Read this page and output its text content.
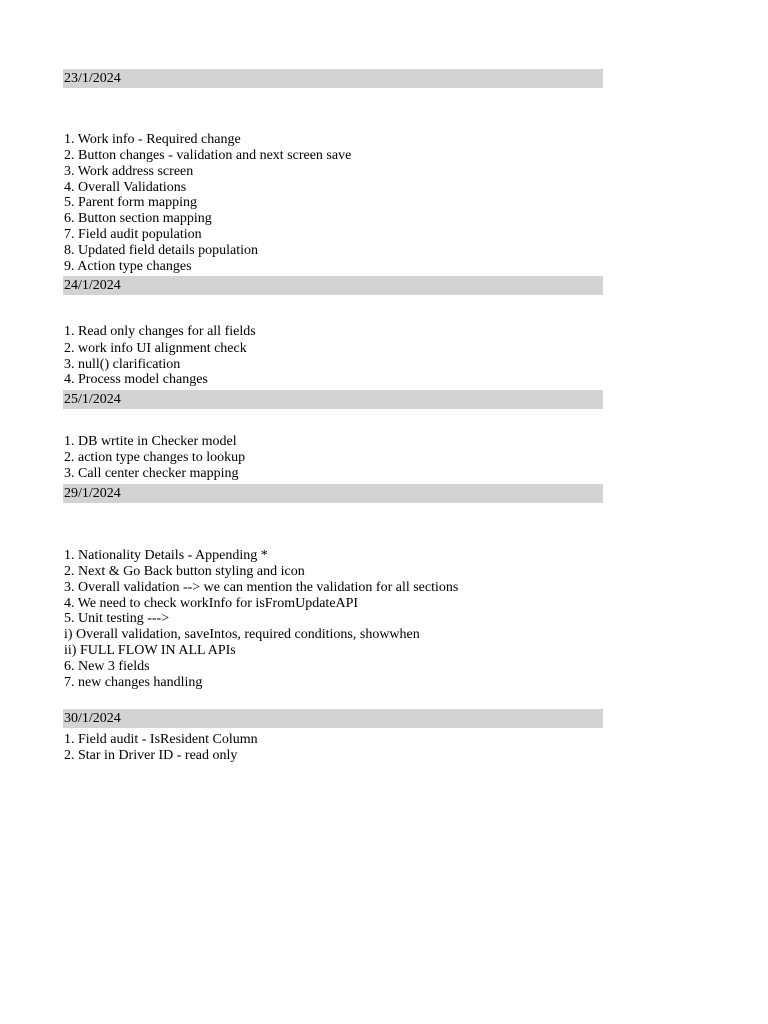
23/1/2024
1. Work info - Required change
2. Button changes - validation and next screen save
3. Work address screen
4. Overall Validations
5. Parent form mapping
6. Button section mapping
7. Field audit population
8. Updated field details population
9. Action type changes
24/1/2024
1. Read only changes for all fields
2. work info UI alignment check
3. null() clarification
4. Process model changes
25/1/2024
1. DB wrtite in Checker model
2. action type changes to lookup
3. Call center checker mapping
29/1/2024
1. Nationality Details - Appending *
2. Next & Go Back button styling and icon
3. Overall validation --> we can mention the validation for all sections
4. We need to check workInfo for isFromUpdateAPI
5. Unit testing --->
i) Overall validation, saveIntos, required conditions, showwhen
ii) FULL FLOW IN ALL APIs
6. New 3 fields
7. new changes handling
30/1/2024
1. Field audit - IsResident Column
2. Star in Driver ID - read only
